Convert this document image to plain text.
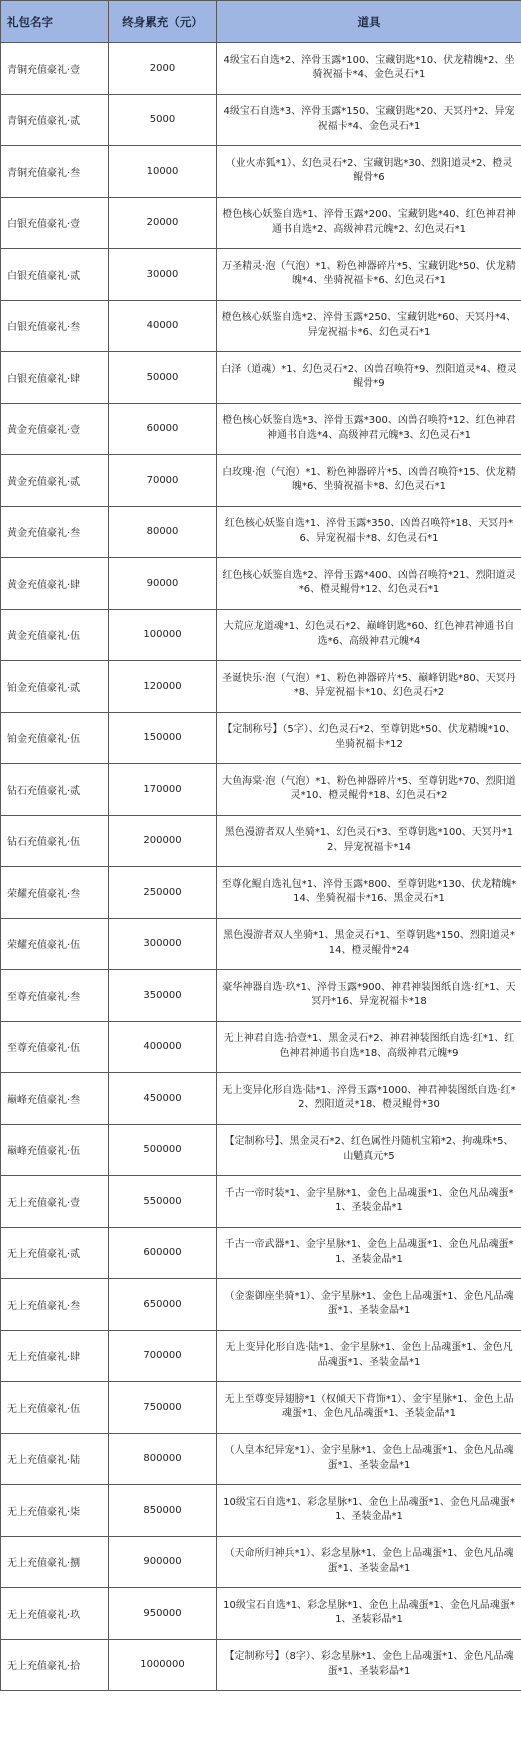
礼包名字	终身累充（元）	道具
青铜充值豪礼·壹	2000	4级宝石自选*2、淬骨玉露*100、宝藏钥匙*10、伏龙精魄*2、坐骑祝福卡*4、金色灵石*1
青铜充值豪礼·贰	5000	4级宝石自选*3、淬骨玉露*150、宝藏钥匙*20、天冥丹*2、异宠祝福卡*4、金色灵石*1
青铜充值豪礼·叁	10000	（业火赤狐*1）、幻色灵石*2、宝藏钥匙*30、烈阳道灵*2、橙灵鲲骨*6
白银充值豪礼·壹	20000	橙色核心妖鉴自选*1、淬骨玉露*200、宝藏钥匙*40、红色神君神通书自选*2、高级神君元魄*2、幻色灵石*1
白银充值豪礼·贰	30000	万圣精灵·泡（气泡）*1、粉色神器碎片*5、宝藏钥匙*50、伏龙精魄*4、坐骑祝福卡*6、幻色灵石*1
白银充值豪礼·叁	40000	橙色核心妖鉴自选*2、淬骨玉露*250、宝藏钥匙*60、天冥丹*4、异宠祝福卡*6、幻色灵石*1
白银充值豪礼·肆	50000	白泽（道魂）*1、幻色灵石*2、凶兽召唤符*9、烈阳道灵*4、橙灵鲲骨*9
黄金充值豪礼·壹	60000	橙色核心妖鉴自选*3、淬骨玉露*300、凶兽召唤符*12、红色神君神通书自选*4、高级神君元魄*3、幻色灵石*1
黄金充值豪礼·贰	70000	白玫瑰·泡（气泡）*1、粉色神器碎片*5、凶兽召唤符*15、伏龙精魄*6、坐骑祝福卡*8、幻色灵石*1
黄金充值豪礼·叁	80000	红色核心妖鉴自选*1、淬骨玉露*350、凶兽召唤符*18、天冥丹*6、异宠祝福卡*8、幻色灵石*1
黄金充值豪礼·肆	90000	红色核心妖鉴自选*2、淬骨玉露*400、凶兽召唤符*21、烈阳道灵*6、橙灵鲲骨*12、幻色灵石*1
黄金充值豪礼·伍	100000	大荒应龙道魂*1、幻色灵石*2、巅峰钥匙*60、红色神君神通书自选*6、高级神君元魄*4
铂金充值豪礼·贰	120000	圣诞快乐·泡（气泡）*1、粉色神器碎片*5、巅峰钥匙*80、天冥丹*8、异宠祝福卡*10、幻色灵石*2
铂金充值豪礼·伍	150000	【定制称号】（5字）、幻色灵石*2、至尊钥匙*50、伏龙精魄*10、坐骑祝福卡*12
钻石充值豪礼·贰	170000	大鱼海棠·泡（气泡）*1、粉色神器碎片*5、至尊钥匙*70、烈阳道灵*10、橙灵鲲骨*18、幻色灵石*2
钻石充值豪礼·伍	200000	黑色漫游者双人坐骑*1、幻色灵石*3、至尊钥匙*100、天冥丹*12、异宠祝福卡*14
荣耀充值豪礼·叁	250000	至尊化鲲自选礼包*1、淬骨玉露*800、至尊钥匙*130、伏龙精魄*14、坐骑祝福卡*16、黑金灵石*1
荣耀充值豪礼·伍	300000	黑色漫游者双人坐骑*1、黑金灵石*1、至尊钥匙*150、烈阳道灵*14、橙灵鲲骨*24
至尊充值豪礼·叁	350000	豪华神器自选·玖*1、淬骨玉露*900、神君神装图纸自选·红*1、天冥丹*16、异宠祝福卡*18
至尊充值豪礼·伍	400000	无上神君自选·拾壹*1、黑金灵石*2、神君神装图纸自选·红*1、红色神君神通书自选*18、高级神君元魄*9
巅峰充值豪礼·叁	450000	无上变异化形自选·陆*1、淬骨玉露*1000、神君神装图纸自选·红*2、烈阳道灵*18、橙灵鲲骨*30
巅峰充值豪礼·伍	500000	【定制称号】、黑金灵石*2、红色属性丹随机宝箱*2、拘魂珠*5、山魈真元*5
无上充值豪礼·壹	550000	千古一帝时装*1、金宇星脉*1、金色上品魂蛋*1、金色凡品魂蛋*1、圣装金晶*1
无上充值豪礼·贰	600000	千古一帝武器*1、金宇星脉*1、金色上品魂蛋*1、金色凡品魂蛋*1、圣装金晶*1
无上充值豪礼·叁	650000	（金銮御座坐骑*1）、金宇星脉*1、金色上品魂蛋*1、金色凡品魂蛋*1、圣装金晶*1
无上充值豪礼·肆	700000	无上变异化形自选·陆*1、金宇星脉*1、金色上品魂蛋*1、金色凡品魂蛋*1、圣装金晶*1
无上充值豪礼·伍	750000	无上至尊变异翅膀*1（权倾天下背饰*1）、金宇星脉*1、金色上品魂蛋*1、金色凡品魂蛋*1、圣装金晶*1
无上充值豪礼·陆	800000	（人皇本纪异宠*1）、金宇星脉*1、金色上品魂蛋*1、金色凡品魂蛋*1、圣装金晶*1
无上充值豪礼·柒	850000	10级宝石自选*1、彩念星脉*1、金色上品魂蛋*1、金色凡品魂蛋*1、圣装金晶*1
无上充值豪礼·捌	900000	（天命所归神兵*1）、彩念星脉*1、金色上品魂蛋*1、金色凡品魂蛋*1、圣装金晶*1
无上充值豪礼·玖	950000	10级宝石自选*1、彩念星脉*1、金色上品魂蛋*1、金色凡品魂蛋*1、圣装彩晶*1
无上充值豪礼·拾	1000000	【定制称号】（8字）、彩念星脉*1、金色上品魂蛋*1、金色凡品魂蛋*1、圣装彩晶*1
